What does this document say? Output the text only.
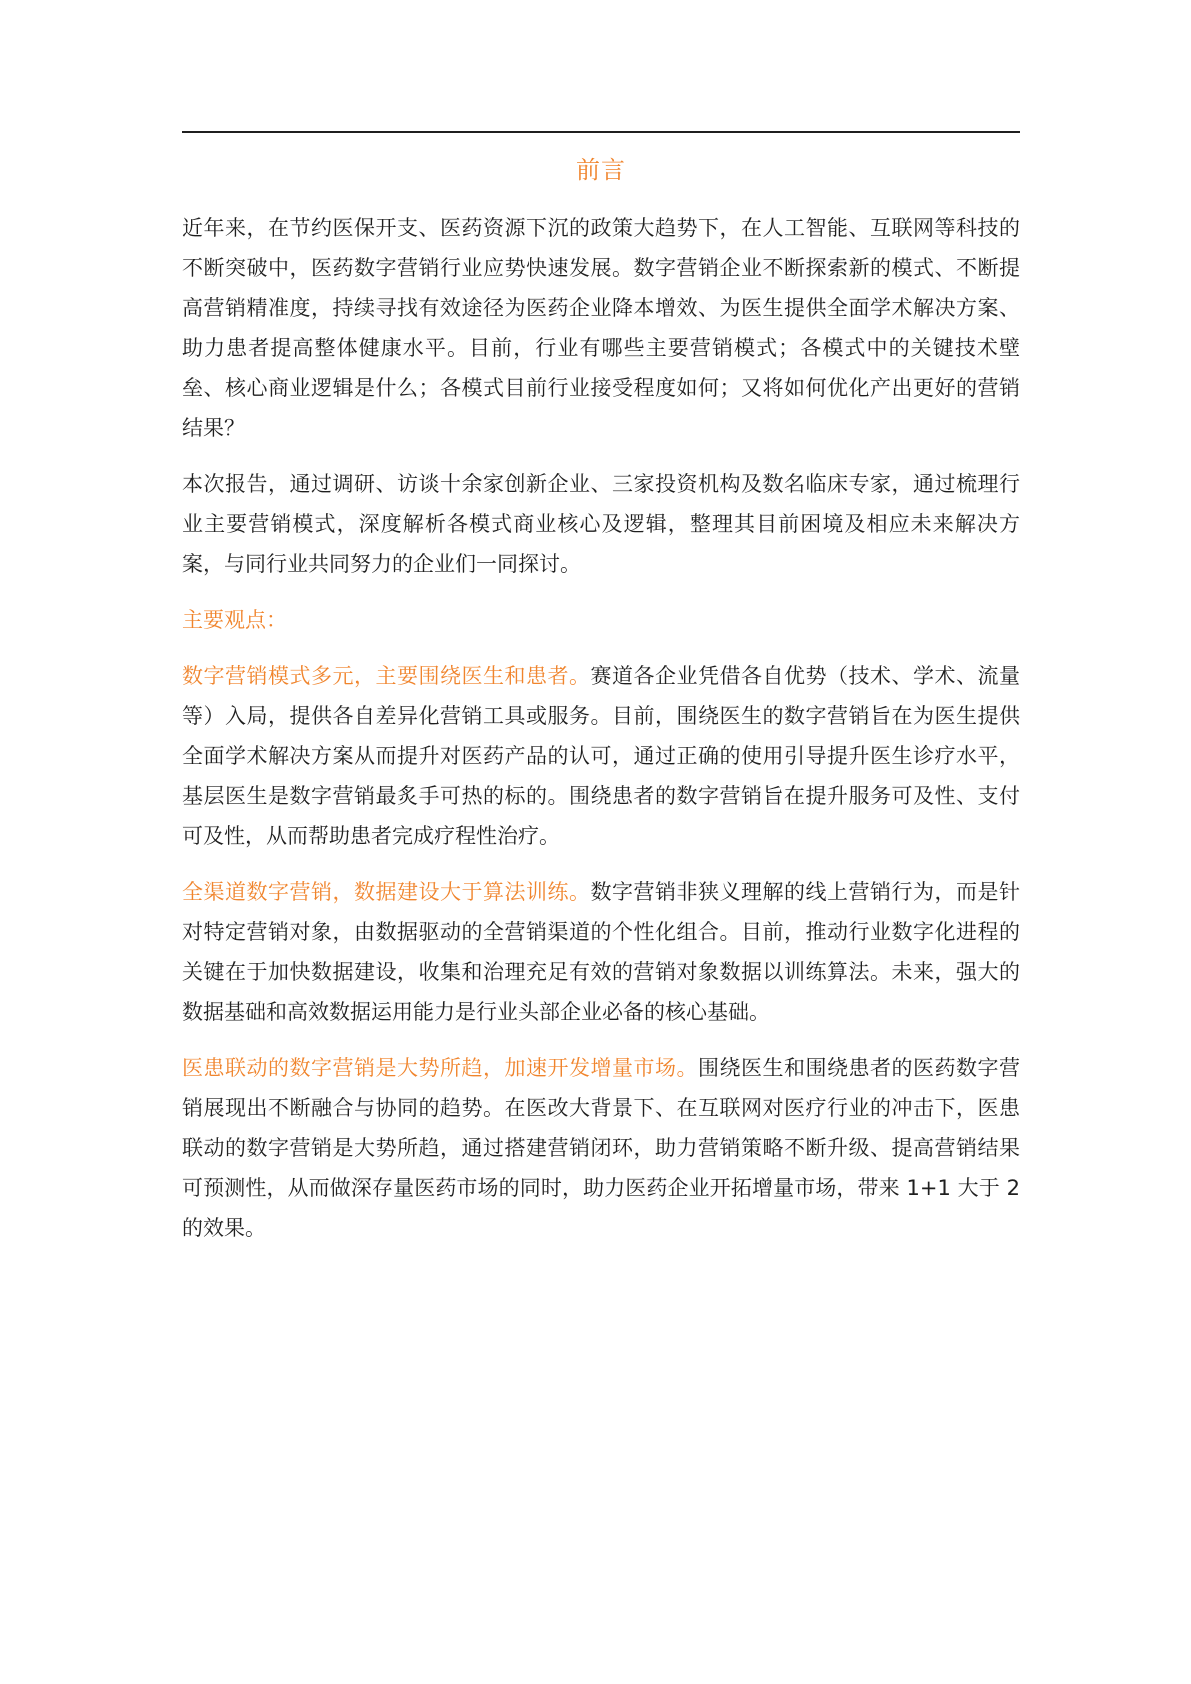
前言

近年来，在节约医保开支、医药资源下沉的政策大趋势下，在人工智能、互联网等科技的不断突破中，医药数字营销行业应势快速发展。数字营销企业不断探索新的模式、不断提高营销精准度，持续寻找有效途径为医药企业降本增效、为医生提供全面学术解决方案、助力患者提高整体健康水平。目前，行业有哪些主要营销模式；各模式中的关键技术壁垒、核心商业逻辑是什么；各模式目前行业接受程度如何；又将如何优化产出更好的营销结果？

本次报告，通过调研、访谈十余家创新企业、三家投资机构及数名临床专家，通过梳理行业主要营销模式，深度解析各模式商业核心及逻辑，整理其目前困境及相应未来解决方案，与同行业共同努力的企业们一同探讨。

主要观点：

数字营销模式多元，主要围绕医生和患者。赛道各企业凭借各自优势（技术、学术、流量等）入局，提供各自差异化营销工具或服务。目前，围绕医生的数字营销旨在为医生提供全面学术解决方案从而提升对医药产品的认可，通过正确的使用引导提升医生诊疗水平，基层医生是数字营销最炙手可热的标的。围绕患者的数字营销旨在提升服务可及性、支付可及性，从而帮助患者完成疗程性治疗。

全渠道数字营销，数据建设大于算法训练。数字营销非狭义理解的线上营销行为，而是针对特定营销对象，由数据驱动的全营销渠道的个性化组合。目前，推动行业数字化进程的关键在于加快数据建设，收集和治理充足有效的营销对象数据以训练算法。未来，强大的数据基础和高效数据运用能力是行业头部企业必备的核心基础。

医患联动的数字营销是大势所趋，加速开发增量市场。围绕医生和围绕患者的医药数字营销展现出不断融合与协同的趋势。在医改大背景下、在互联网对医疗行业的冲击下，医患联动的数字营销是大势所趋，通过搭建营销闭环，助力营销策略不断升级、提高营销结果可预测性，从而做深存量医药市场的同时，助力医药企业开拓增量市场，带来 1+1 大于 2 的效果。
